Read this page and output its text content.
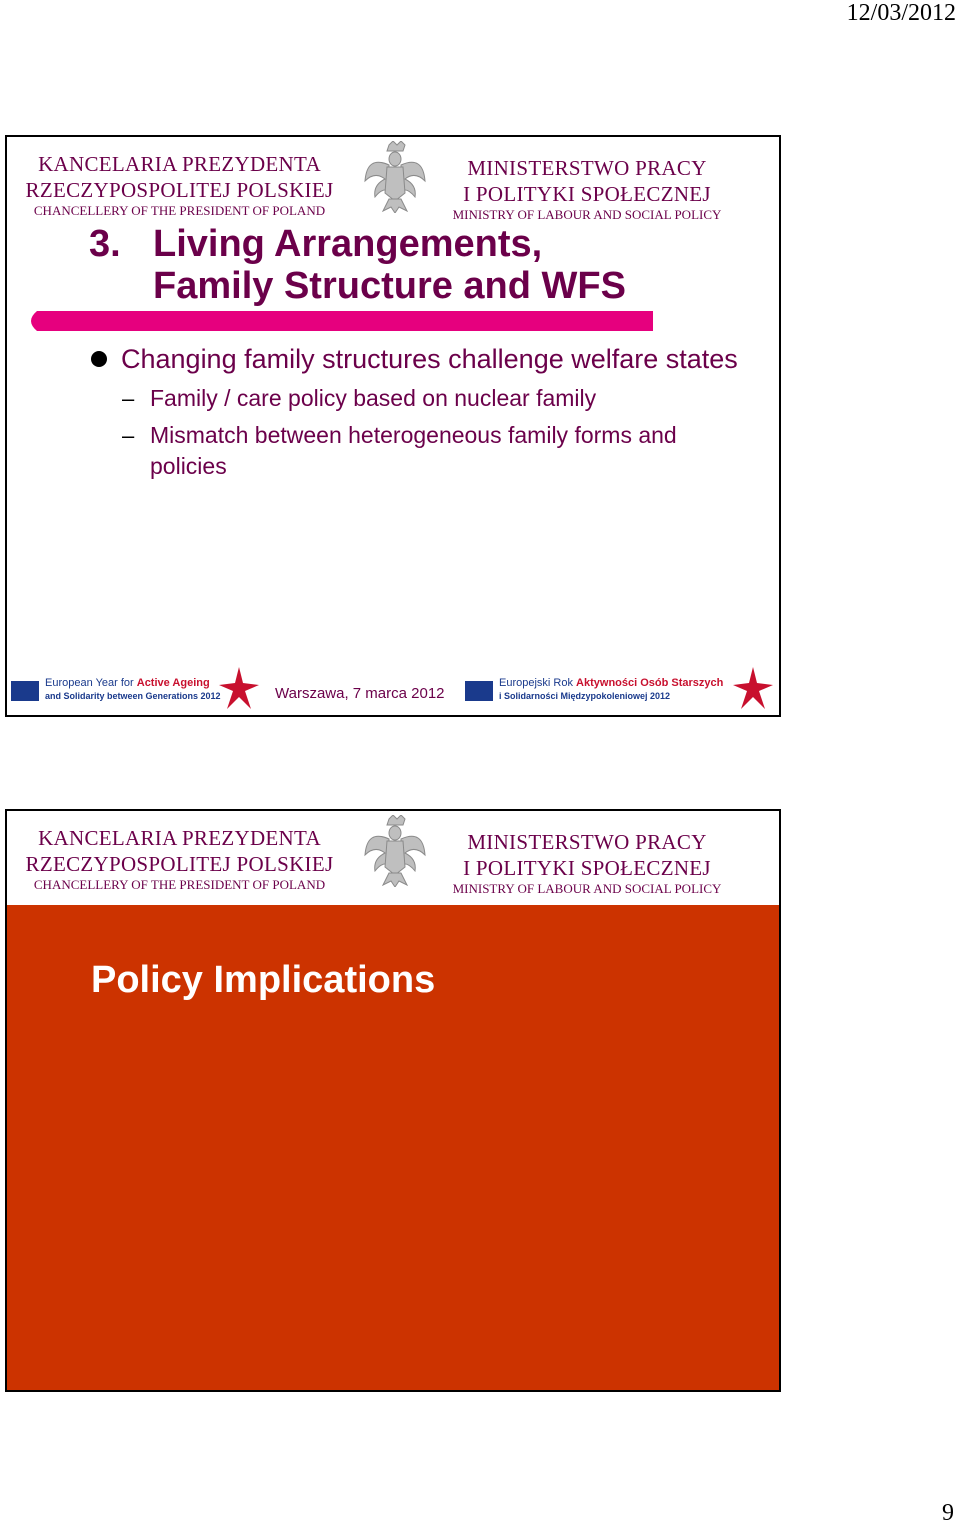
12/03/2012
KANCELARIA PREZYDENTA
RZECZYPOSPOLITEJ POLSKIEJ
CHANCELLERY OF THE PRESIDENT OF POLAND
MINISTERSTWO PRACY
I POLITYKI SPOŁECZNEJ
MINISTRY OF LABOUR AND SOCIAL POLICY
3. Living Arrangements,
Family Structure and WFS
Changing family structures challenge welfare states
– Family / care policy based on nuclear family
– Mismatch between heterogeneous family forms and policies
European Year for Active Ageing
and Solidarity between Generations 2012	Warszawa, 7 marca 2012
Europejski Rok Aktywności Osób Starszych
i Solidarności Międzypokoleniowej 2012
KANCELARIA PREZYDENTA
RZECZYPOSPOLITEJ POLSKIEJ
CHANCELLERY OF THE PRESIDENT OF POLAND
MINISTERSTWO PRACY
I POLITYKI SPOŁECZNEJ
MINISTRY OF LABOUR AND SOCIAL POLICY
Policy Implications
9
